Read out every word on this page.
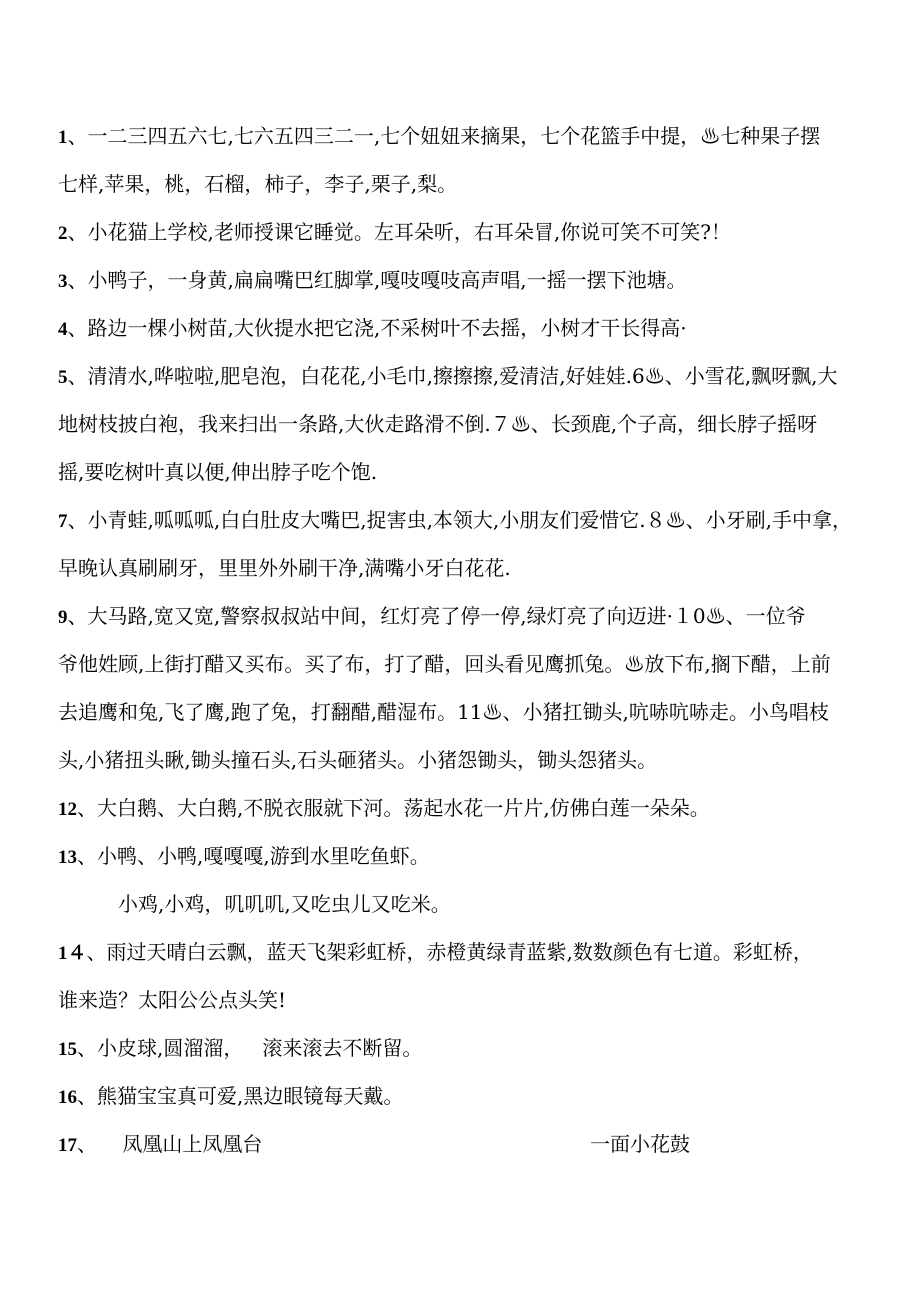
1、一二三四五六七,七六五四三二一,七个妞妞来摘果，七个花篮手中提，♨七种果子摆
七样,苹果，桃，石榴，柿子，李子,栗子,梨。
2、小花猫上学校,老师授课它睡觉。左耳朵听，右耳朵冒,你说可笑不可笑?！
3、小鸭子，一身黄,扁扁嘴巴红脚掌,嘎吱嘎吱高声唱,一摇一摆下池塘。
4、路边一棵小树苗,大伙提水把它浇,不采树叶不去摇，小树才干长得高·
5、清清水,哗啦啦,肥皂泡，白花花,小毛巾,擦擦擦,爱清洁,好娃娃.6♨、小雪花,飘呀飘,大
地树枝披白袍，我来扫出一条路,大伙走路滑不倒.７♨、长颈鹿,个子高，细长脖子摇呀
摇,要吃树叶真以便,伸出脖子吃个饱.
7、小青蛙,呱呱呱,白白肚皮大嘴巴,捉害虫,本领大,小朋友们爱惜它.８♨、小牙刷,手中拿，
早晚认真刷刷牙，里里外外刷干净,满嘴小牙白花花.
9、大马路,宽又宽,警察叔叔站中间，红灯亮了停一停,绿灯亮了向迈进·１0♨、一位爷
爷他姓顾,上街打醋又买布。买了布，打了醋，回头看见鹰抓兔。♨放下布,搁下醋，上前
去追鹰和兔,飞了鹰,跑了兔，打翻醋,醋湿布。11♨、小猪扛锄头,吭哧吭哧走。小鸟唱枝
头,小猪扭头瞅,锄头撞石头,石头砸猪头。小猪怨锄头，锄头怨猪头。
12、大白鹅、大白鹅,不脱衣服就下河。荡起水花一片片,仿佛白莲一朵朵。
13、小鸭、小鸭,嘎嘎嘎,游到水里吃鱼虾。
小鸡,小鸡，叽叽叽,又吃虫儿又吃米。
1４、雨过天晴白云飘，蓝天飞架彩虹桥，赤橙黄绿青蓝紫,数数颜色有七道。彩虹桥，
谁来造？太阳公公点头笑!
15、小皮球,圆溜溜，   滚来滚去不断留。
16、熊猫宝宝真可爱,黑边眼镜每天戴。
17、    凤凰山上凤凰台	一面小花鼓
